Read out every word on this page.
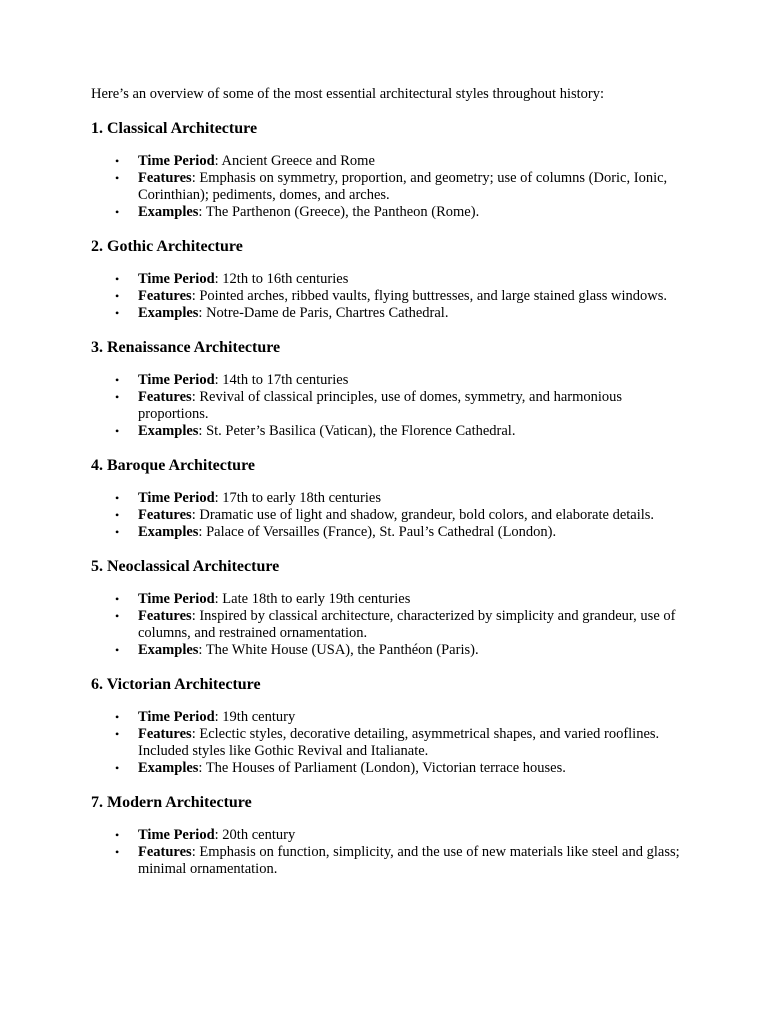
Here’s an overview of some of the most essential architectural styles throughout history:

1. Classical Architecture
• Time Period: Ancient Greece and Rome
• Features: Emphasis on symmetry, proportion, and geometry; use of columns (Doric, Ionic, Corinthian); pediments, domes, and arches.
• Examples: The Parthenon (Greece), the Pantheon (Rome).
2. Gothic Architecture
• Time Period: 12th to 16th centuries
• Features: Pointed arches, ribbed vaults, flying buttresses, and large stained glass windows.
• Examples: Notre-Dame de Paris, Chartres Cathedral.
3. Renaissance Architecture
• Time Period: 14th to 17th centuries
• Features: Revival of classical principles, use of domes, symmetry, and harmonious proportions.
• Examples: St. Peter’s Basilica (Vatican), the Florence Cathedral.
4. Baroque Architecture
• Time Period: 17th to early 18th centuries
• Features: Dramatic use of light and shadow, grandeur, bold colors, and elaborate details.
• Examples: Palace of Versailles (France), St. Paul’s Cathedral (London).
5. Neoclassical Architecture
• Time Period: Late 18th to early 19th centuries
• Features: Inspired by classical architecture, characterized by simplicity and grandeur, use of columns, and restrained ornamentation.
• Examples: The White House (USA), the Panthéon (Paris).
6. Victorian Architecture
• Time Period: 19th century
• Features: Eclectic styles, decorative detailing, asymmetrical shapes, and varied rooflines. Included styles like Gothic Revival and Italianate.
• Examples: The Houses of Parliament (London), Victorian terrace houses.
7. Modern Architecture
• Time Period: 20th century
• Features: Emphasis on function, simplicity, and the use of new materials like steel and glass; minimal ornamentation.
